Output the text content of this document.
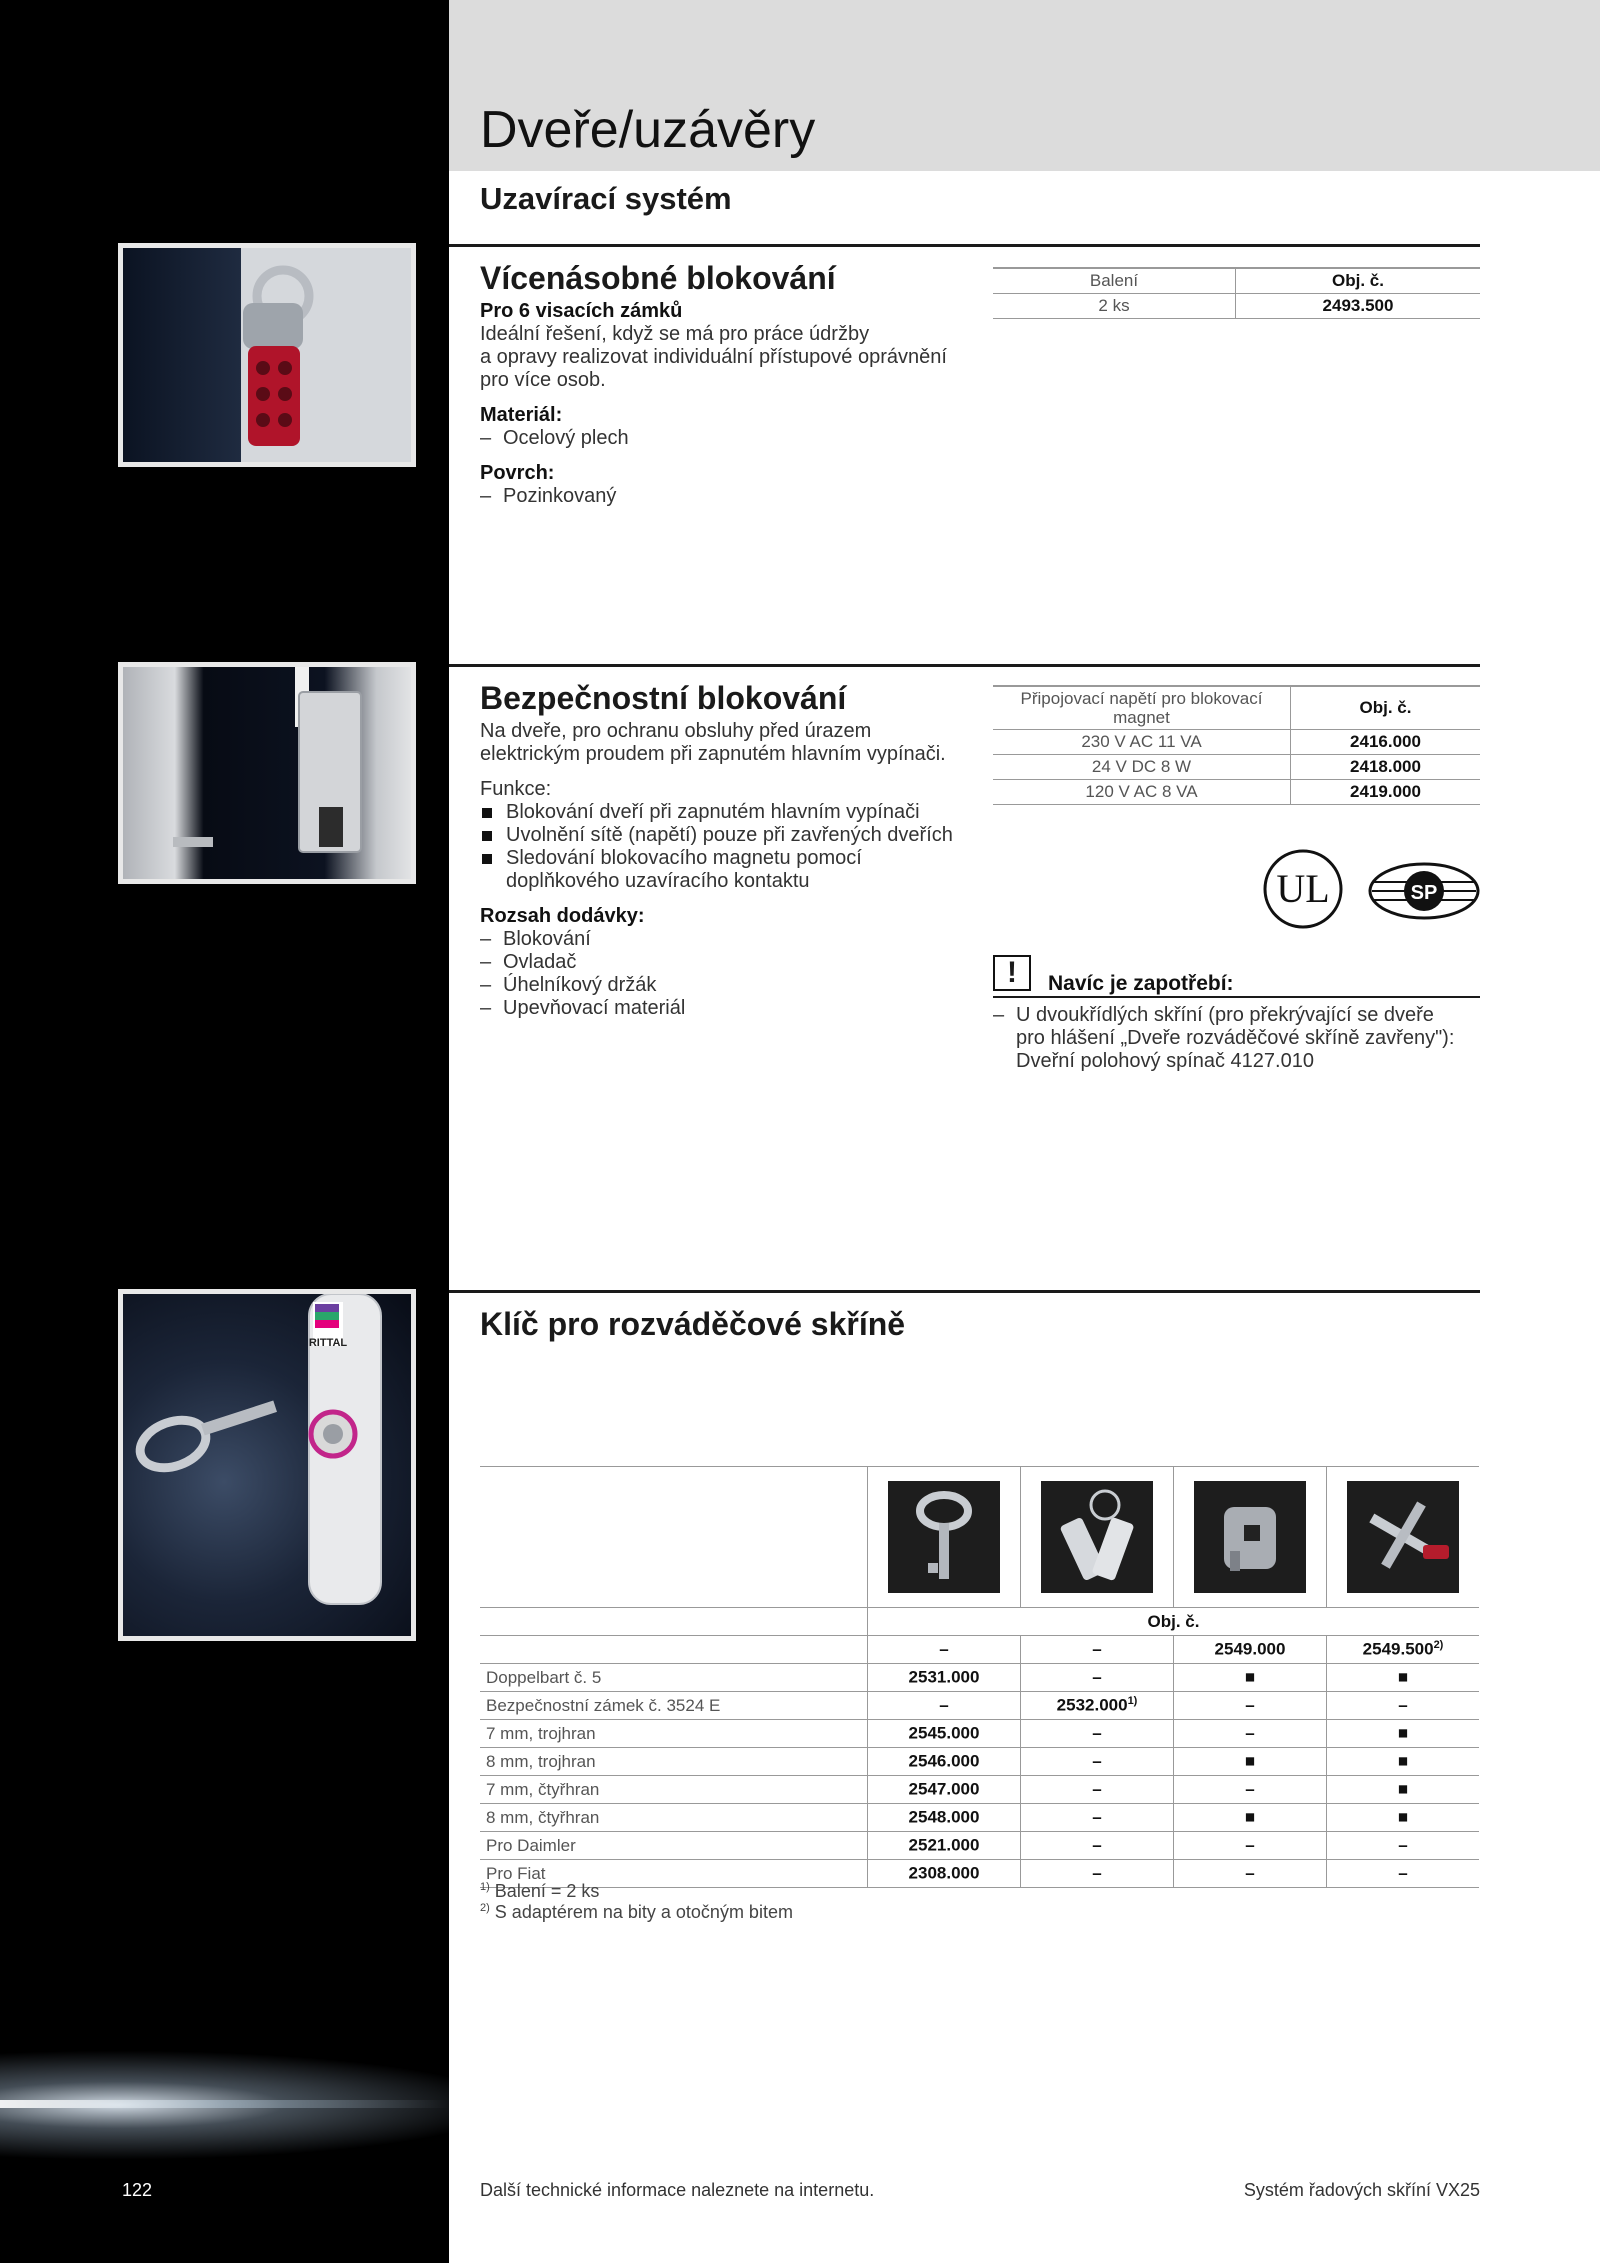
Dveře/uzávěry
Uzavírací systém
Vícenásobné blokování
Pro 6 visacích zámků
Ideální řešení, když se má pro práce údržby
a opravy realizovat individuální přístupové oprávnění
pro více osob.
Materiál:
– Ocelový plech
Povrch:
– Pozinkovaný
Balení	Obj. č.
2 ks	2493.500
Bezpečnostní blokování
Na dveře, pro ochranu obsluhy před úrazem
elektrickým proudem při zapnutém hlavním vypínači.
Funkce:
Blokování dveří při zapnutém hlavním vypínači
Uvolnění sítě (napětí) pouze při zavřených dveřích
Sledování blokovacího magnetu pomocí doplňkového uzavíracího kontaktu
Rozsah dodávky:
– Blokování
– Ovladač
– Úhelníkový držák
– Upevňovací materiál
Připojovací napětí pro blokovací magnet	Obj. č.
230 V AC 11 VA	2416.000
24 V DC 8 W	2418.000
120 V AC 8 VA	2419.000
UL	SP
!	Navíc je zapotřebí:
– U dvoukřídlých skříní (pro překrývající se dveře
pro hlášení „Dveře rozváděčové skříně zavřeny"):
Dveřní polohový spínač 4127.010
RITTAL
Klíč pro rozváděčové skříně

	Obj. č.			
	–	–	2549.000	2549.500$^{2)}$
Doppelbart č. 5	2531.000	–	■	■
Bezpečnostní zámek č. 3524 E	–	2532.000$^{1)}$	–	–
7 mm, trojhran	2545.000	–	–	■
8 mm, trojhran	2546.000	–	■	■
7 mm, čtyřhran	2547.000	–	–	■
8 mm, čtyřhran	2548.000	–	■	■
Pro Daimler	2521.000	–	–	–
Pro Fiat	2308.000	–	–	–
$^{1)}$ Balení = 2 ks
$^{2)}$ S adaptérem na bity a otočným bitem
122	Další technické informace naleznete na internetu.	Systém řadových skříní VX25
